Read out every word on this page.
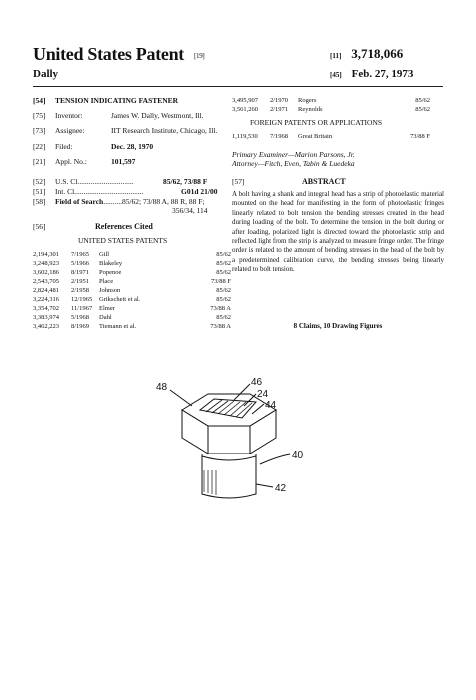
United States Patent [19]
Dally
[11] 3,718,066
[45] Feb. 27, 1973
[54] TENSION INDICATING FASTENER
[75] Inventor:	James W. Dally, Westmont, Ill.
[73] Assignee:	IIT Research Institute, Chicago, Ill.
[22] Filed:	Dec. 28, 1970
[21] Appl. No.:	101,597
[52] U.S. Cl..............................	85/62, 73/88 F
[51] Int. Cl.....................................	G01d 21/00
[58] Field of Search..........85/62; 73/88 A, 88 R, 88 F;
356/34, 114
[56]	References Cited
UNITED STATES PATENTS
2,194,301 7/1965 Gill	85/62
3,248,923 5/1966 Blakeley	85/62
3,602,186 8/1971 Popenoe	85/62
2,543,705 2/1951 Place	73/88 F
2,824,481 2/1958 Johnson	85/62
3,224,316 12/1965 Grikscheit et al.	85/62
3,354,702 11/1967 Elmer	73/88 A
3,383,974 5/1968 Dahl	85/62
3,462,223 8/1969 Tiemann et al.	73/88 A
3,495,907 2/1970 Rogers	85/62
3,561,260 2/1971 Reynolds	85/62
FOREIGN PATENTS OR APPLICATIONS
1,119,530 7/1968 Great Britain	73/88 F
Primary Examiner—Marion Parsons, Jr.
Attorney—Fitch, Even, Tabin & Luedeka
[57]	ABSTRACT
A bolt having a shank and integral head has a strip of photoelastic material mounted on the head for manifesting in the form of photoelastic fringes linearly related to bolt tension the bending stresses created in the head during loading of the bolt. To determine the tension in the bolt during or after loading, polarized light is directed toward the photoelastic strip and reflected light from the strip is analyzed to measure fringe order. The fringe order is related to the amount of bending stresses in the head of the bolt by a predetermined calibration curve, the bending stresses being linearly related to bolt tension.
8 Claims, 10 Drawing Figures
48	46
24
44
40
42
